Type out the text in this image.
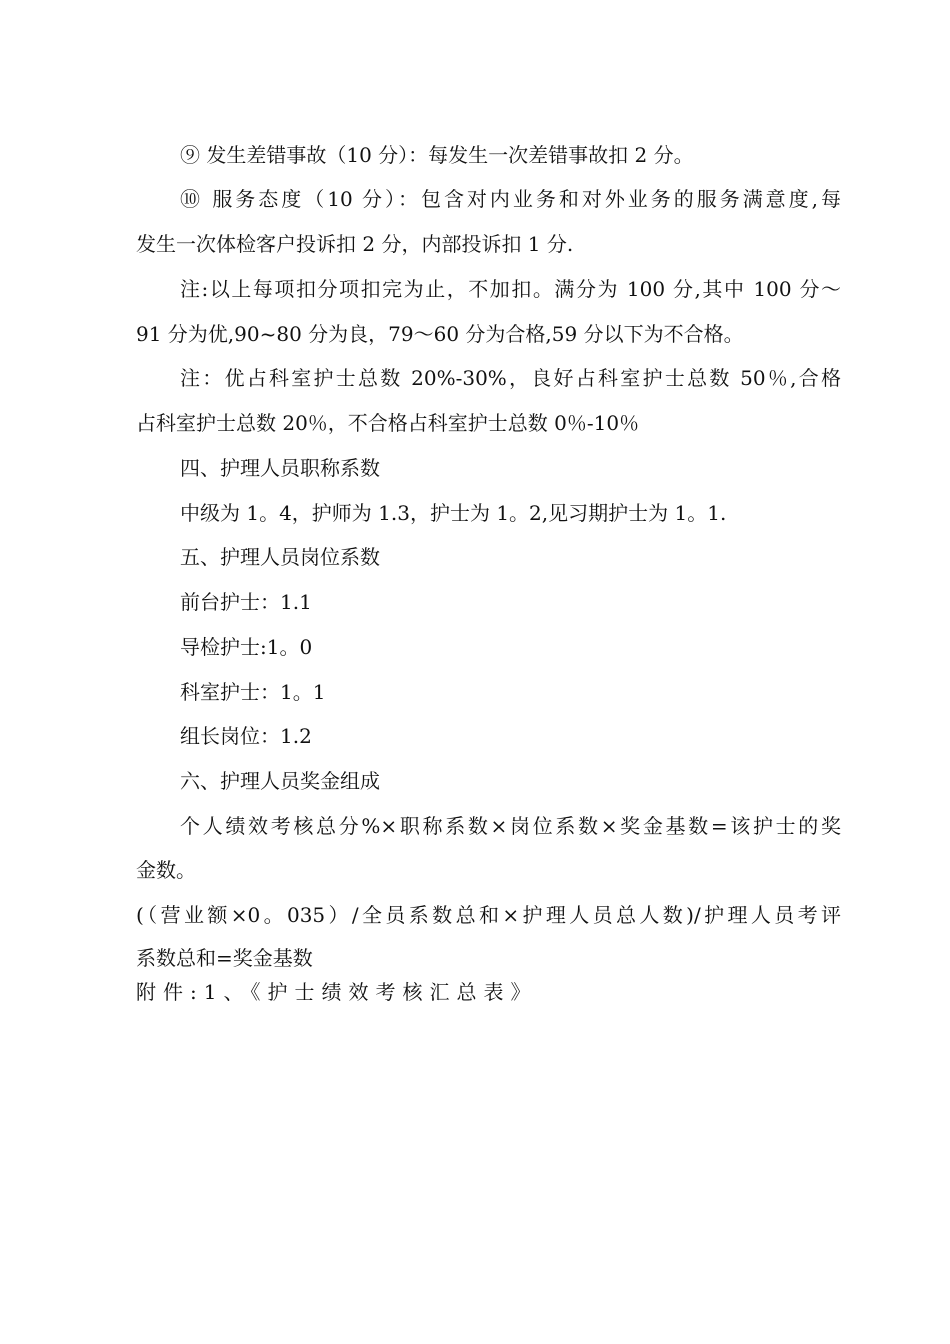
⑨ 发生差错事故（10 分）：每发生一次差错事故扣 2 分。
⑩ 服务态度（10 分）：包含对内业务和对外业务的服务满意度,每
发生一次体检客户投诉扣 2 分，内部投诉扣 1 分.
注:以上每项扣分项扣完为止，不加扣。满分为 100 分,其中 100 分～
91 分为优,90~80 分为良，79～60 分为合格,59 分以下为不合格。
注：优占科室护士总数 20%-30%，良好占科室护士总数 50％,合格
占科室护士总数 20％，不合格占科室护士总数 0％-10％
四、护理人员职称系数
中级为 1。4，护师为 1.3，护士为 1。2,见习期护士为 1。1.
五、护理人员岗位系数
前台护士：1.1
导检护士:1。0
科室护士：1。1
组长岗位：1.2
六、护理人员奖金组成
个人绩效考核总分%×职称系数×岗位系数×奖金基数=该护士的奖
金数。
(（营业额×0。035）/全员系数总和×护理人员总人数)/护理人员考评
系数总和=奖金基数
附件:1、《护士绩效考核汇总表》
